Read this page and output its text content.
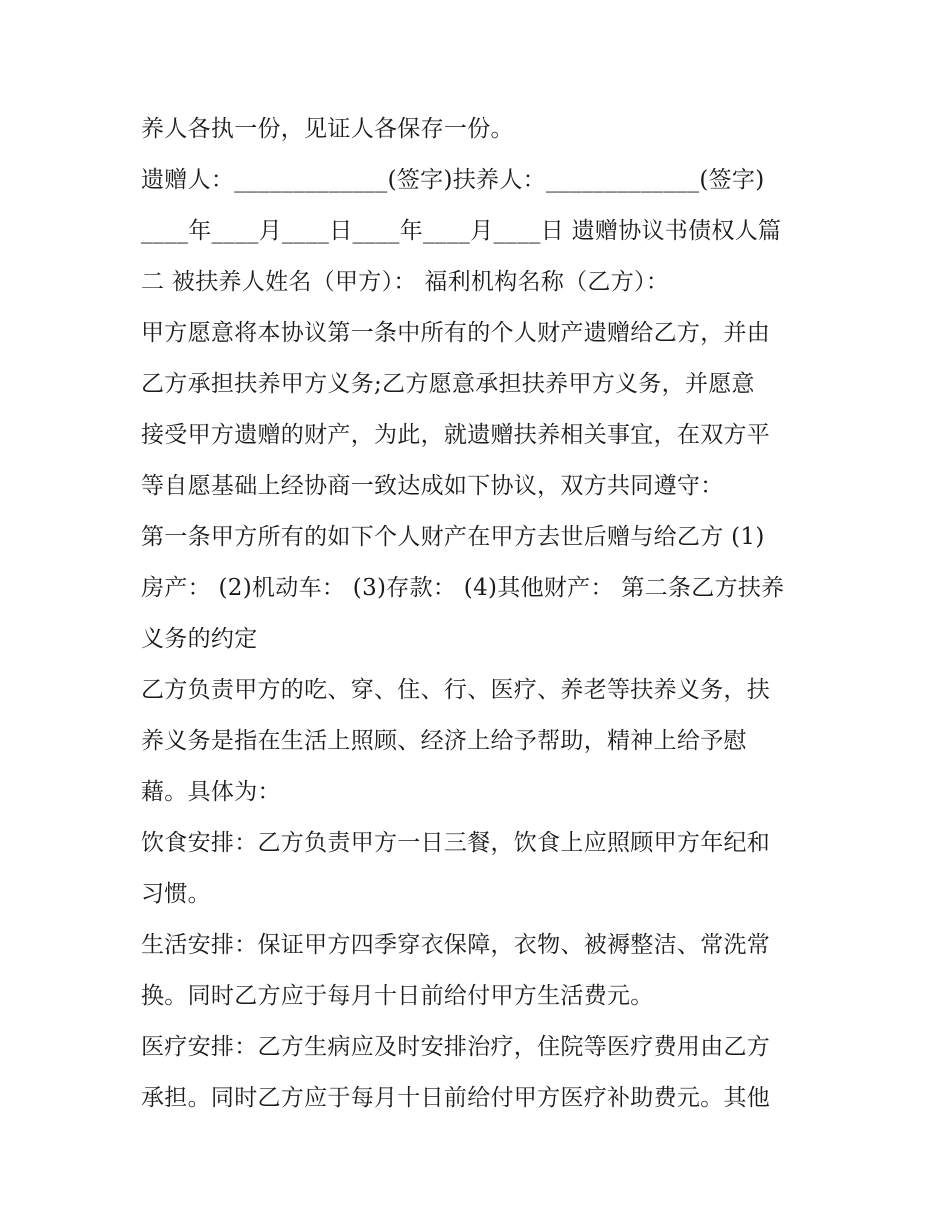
养人各执一份，见证人各保存一份。
遗赠人：_____________(签字)扶养人：_____________(签字)
____年____月____日____年____月____日 遗赠协议书债权人篇
二 被扶养人姓名（甲方）： 福利机构名称（乙方）：
甲方愿意将本协议第一条中所有的个人财产遗赠给乙方，并由
乙方承担扶养甲方义务;乙方愿意承担扶养甲方义务，并愿意
接受甲方遗赠的财产，为此，就遗赠扶养相关事宜，在双方平
等自愿基础上经协商一致达成如下协议，双方共同遵守：
第一条甲方所有的如下个人财产在甲方去世后赠与给乙方 (1)
房产： (2)机动车： (3)存款： (4)其他财产： 第二条乙方扶养
义务的约定
乙方负责甲方的吃、穿、住、行、医疗、养老等扶养义务，扶
养义务是指在生活上照顾、经济上给予帮助，精神上给予慰
藉。具体为：
饮食安排：乙方负责甲方一日三餐，饮食上应照顾甲方年纪和
习惯。
生活安排：保证甲方四季穿衣保障，衣物、被褥整洁、常洗常
换。同时乙方应于每月十日前给付甲方生活费元。
医疗安排：乙方生病应及时安排治疗，住院等医疗费用由乙方
承担。同时乙方应于每月十日前给付甲方医疗补助费元。其他
